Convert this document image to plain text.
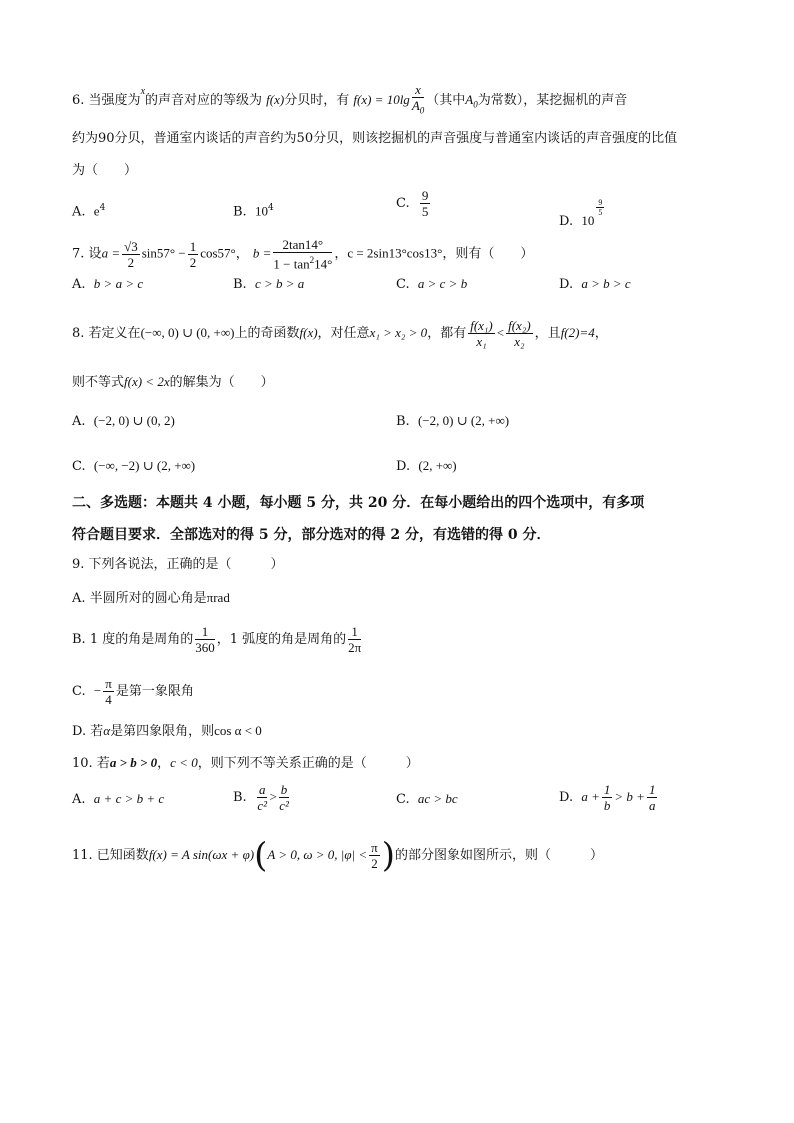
6. 当强度为$^x$的声音对应的等级为 f(x)分贝时，有 $f(x) = 10\lg \frac{x}{A_0}$ （其中$A_0$为常数），某挖掘机的声音
约为90分贝，普通室内谈话的声音约为50分贝，则该挖掘机的声音强度与普通室内谈话的声音强度的比值
为（　　）
A. $e^4$	B. $10^4$	C. $\frac{9}{5}$
D. 10
$\frac{9}{5}$
7. 设$a = \frac{√3}{2} \sin 57^\circ - \frac{1}{2} \cos 57^\circ$， $b = \frac{2\tan 14^\circ}{1 - \tan^214^\circ}$ ，c = 2sin13°cos13°，则有（　　）
A. b > a > c	B. c > b > a	C. a > c > b	D. a > b > c
8. 若定义在(−∞, 0) ∪ (0, +∞)上的奇函数f(x)，对任意x₁ > x₂ > 0，都有 $\frac{\text{f(x₁)}}{\text{x₁}} < \frac{\text{f(x₂)}}{\text{x₂}}$ ，且f(2)=4，
则不等式f(x) < 2x的解集为（　　）
A. (−2, 0) ∪ (0, 2)	B. (−2, 0) ∪ (2, +∞)
C. (−∞, −2) ∪ (2, +∞)	D. (2, +∞)
二、多选题：本题共 4 小题，每小题 5 分，共 20 分．在每小题给出的四个选项中，有多项
符合题目要求．全部选对的得 5 分，部分选对的得 2 分，有选错的得 0 分．
9. 下列各说法，正确的是（　　　）
A. 半圆所对的圆心角是πrad
B. 1 度的角是周角的 $\frac{1}{360}$ ，1 弧度的角是周角的 $\frac{1}{2\pi}$
C. − $\frac{\pi}{4}$ 是第一象限角
D. 若α是第四象限角，则cos α < 0
10. 若a > b > 0，c < 0，则下列不等关系正确的是（　　　）
A. a + c > b + c	B. $\frac{a}{\text{c²}} > \frac{b}{\text{c²}}$	C. ac > bc	D. $a + \frac{1}{b} > b + \frac{1}{a}$
11. 已知函数f(x) = A sin(ωx + φ)(A > 0, ω > 0, $|\varphi| < \frac{\pi}{2}$ )的部分图象如图所示，则（　　　）
